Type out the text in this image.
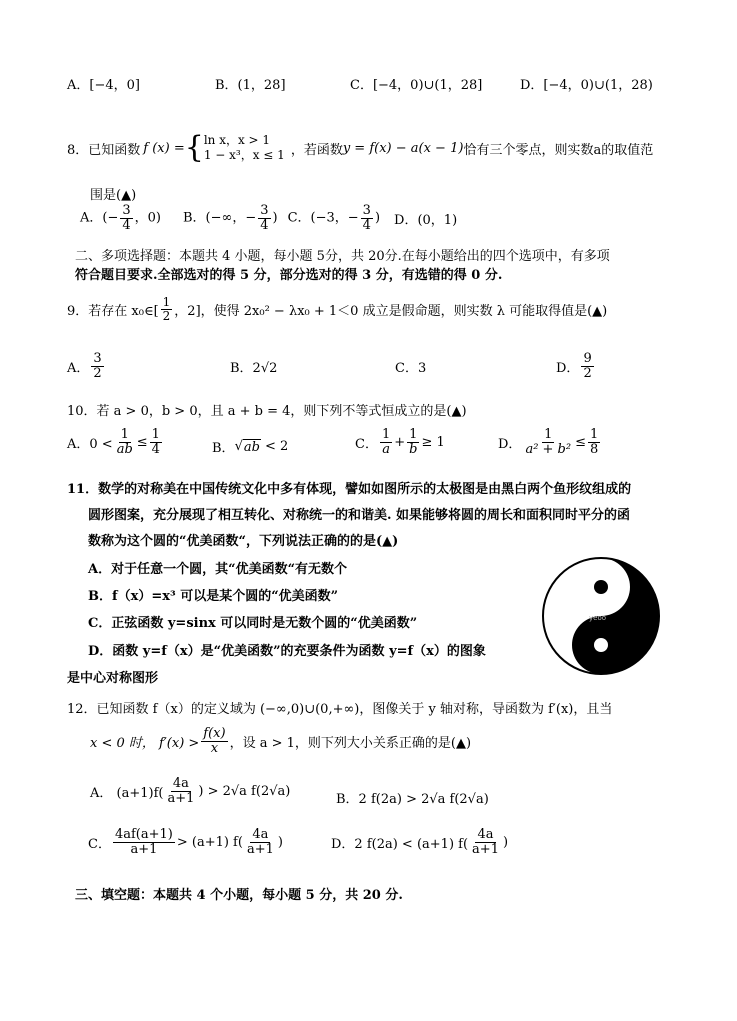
A．[−4，0]	B．(1，28]	C．[−4，0)∪(1，28]	D．[−4，0)∪(1，28)
8．已知函数 f (x) = { ln x，x > 1
1 − x³，x ≤ 1 ，若函数 y = f(x) − a(x − 1) 恰有三个零点，则实数a的取值范
围是(▲)
A．(− $\frac{3}{4}$ ，0) B．(−∞，− $\frac{3}{4}$ ) C．(−3，− $\frac{3}{4}$ ) D．(0，1)
二、多项选择题：本题共 4 小题，每小题 5分，共 20分.在每小题给出的四个选项中，有多项
符合题目要求.全部选对的得 5 分，部分选对的得 3 分，有选错的得 0 分.
9．若存在 x₀∈[ $\frac{1}{2}$ ，2]，使得 2x₀² − λx₀ + 1＜0 成立是假命题，则实数 λ 可能取得值是(▲)
A． $\frac{3}{2}$	B．2√2	C．3	D． $\frac{9}{2}$
10．若 a > 0，b > 0，且 a + b = 4，则下列不等式恒成立的是(▲)
A．$0 < \frac{1}{ab} \le \frac{1}{4}$	B． √ ab < 2	C． $\frac{1}{a} + \frac{1}{b} \ge 1$	D． $\frac{1}{\text{a² + b²}} \le \frac{1}{8}$
11．数学的对称美在中国传统文化中多有体现，譬如如图所示的太极图是由黑白两个鱼形纹组成的
圆形图案，充分展现了相互转化、对称统一的和谐美. 如果能够将圆的周长和面积同时平分的函
数称为这个圆的“优美函数“，下列说法正确的的是(▲)
A．对于任意一个圆，其“优美函数“有无数个
B．f（x）=x³ 可以是某个圆的“优美函数”
C．正弦函数 y=sinx 可以同时是无数个圆的“优美函数”
D．函数 y=f（x）是“优美函数”的充要条件为函数 y=f（x）的图象
是中心对称图形
yeoo
12．已知函数 f（x）的定义域为 (−∞,0)∪(0,+∞)，图像关于 y 轴对称，导函数为 f′(x)，且当
x < 0 时， $f'(x) > \frac{f(x)}{x}$ ，设 a > 1，则下列大小关系正确的是(▲)
A． $(a+1)f( \frac{4a}{a+1}$ ) > 2√a f(2√a)
B．2 f(2a) > 2√a f(2√a)
C． $\frac{4af(a+1)}{a+1} > (a+1)$ $f( \frac{4a}{a+1}$ )	D．2 f(2a) < (a+1) $f( \frac{4a}{a+1}$ )
三、填空题：本题共 4 个小题，每小题 5 分，共 20 分.
